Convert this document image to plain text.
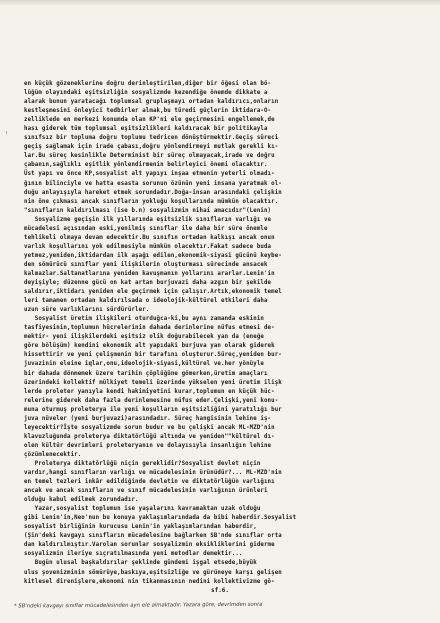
ı
en küçük gözeneklerine doğru derinleştirilen,diğer bir öğesi olan bö-
lüğüm olayındaki eşitsizliğin sosyalizmde kezendiğe önemde dikkate a
alarak bunun yaratacağı toplumsal gruplaşmayı ortadan kaldırıcı,onların
kestleşmesini önleyici tedbirler almak,bu türedi güçlerin iktidara-O-
zelliklede en merkezi konumda olan KP'ni ele geçirmesini engellemek,de
hası giderek tüm toplumsal eşitsizlikleri kaldıracak bir politikayla
sınıfsız bir topluma doğru toplumu tedricen dönüştürmektir.Geçiş süreci
geçiş sağlamak için irade çabası,doğru yönlendirmeyi mutlak gerekli kı-
lar.Bu süreç kesinlikle Determinist bir süreç olmayacak,irade ve doğru
çabanın,sağlıklı eşitlik yönlendirmenin belirleyici önemi olacaktır.
Üst yapı ve önce KP,sosyalist alt yapıyı inşaa etmenin yeterli olmadı-
ğının bilinciyle ve hatta esasta sorunun özünün yeni insana yaratmak ol-
duğu anlayışıyla hareket etmek sorundadır.Doğa-insan arasındaki çelişkin
nin öne çıkması ancak sınıfların yokluğu koşullarında mümkün olacaktır.
"sınıfların kaldırılması (ise b.n) sosyalizmin nihai amacıdır"(Lenin)
Sosyalizme geçişin ilk yıllarında eşitsizlik sınıfların varlığı ve
mücadelesi açısından eski,yenilmiş sınıflar ile daha bir süre önemle
tehlikeli olmaya devam edecektir.Bu sınıfın ortadan kalkışı ancak onun
varlık koşullarını yok edilmesiyle mümkün olacektır.Fakat sadece buda
yetmez,yeniden,iktidardan ilk aşağı edilen,ekonomik-siyasi gücünü keybe-
den sömürücü sınıflar yeni ilişkilerin oluşturması sürecinde ansacek
kalmazlar.Saltanatlarına yeniden kavuşmanın yollarını ararlar.Lenin'in
deyişiyle; düzenne gücü on kat artan burjuvazi daha azgın bir şekilde
saldırır,iktidarı yeniden ele geçirmek için çalışır.Artık,ekonomik temel
leri tamamen ortadan kaldırılsada o ideolojik-kültürel etkileri daha
uzun süre varlıklarını sürdürürler.
Sosyalist üretim ilişkileri oturduğca-ki,bu aynı zamanda eskinin
tasfiyesinin,toplumun hücrelerinin dahada derinlerine nüfus etmesi de-
mektir- yeni ilişkilerdeki eşitsiz olik doğurabilecek yan da (eneğe
göre bölüşüm) kendini ekonomik alt yapıdaki burjuva yan olarak giderek
hissettirir ve yeni çelişmenin bir tarafını oluşturur.Süreç,yeniden bur-
juvazinin eleine iqlar,onu,ideolojik-siyasi,kültürel ve.her yönüyle
bir dahada dönmemek üzere tarihin çöplüğüne gömerken,üretim amaçları
üzerindeki kollektif mülkiyet temeli üzerinde yükselen yeni üretim ilişk
lerde proleter yanıyla kendi hakimiyetini kurar,toplumun en küçük hüc-
relerine giderek daha fazla derinlemesine nüfus eder.Çelişki,yeni konu-
muna oturmuş proleterya ile yeni koşulların eşitsizliğini yaratılığı bur
juva nüveler (yeni burjuvazi)arasındadır. Süreç hangisinin lehine iş-
leyecektir?İşte sosyalizmde sorun budur ve bu çelişki ancak ML-MZD'nin
klavuzluğunda proleterya diktatörlüğü altında ve yeniden""kültürel dı-
olen kültür devrimleri proleteryanın ve dolayısıyla insanlığın lehine
çözümlenecektir.
Proleterya diktatörlüğü niçin gereklidir?Sosyalist devlet niçin
vardır,hangi sınıfların varlığı ve mücadelesinin ürünüdür?... ML-MZD'nin
en temel tezleri inkâr edildiğinde devletin ve diktatörlüğün varlığını
ancak ve ancak sınıfların ve sınıf mücadelesinin varlığının ürünleri
olduğu kabul edilmek zorundadır.
Yazar,sosyalist toplumun ise yaşalarını kavramaktan uzak olduğu
gibi Lenin'in,Neo'nun bu konuya yaklaşımlarındada da bibi haberdir.Sosyalist
sosyalist birliğinin kurucusu Lenin'in yaklaşımlarından haberdir,
(Şin'deki kavgayı sınıfların mücadelesine bağlarken SB'nde sınıflar orta
dan kaldırılmıştır.Varolan sorunlar sosyalizmin eksikliklerini giderme
sosyalizmin ileriye sıçratılmasında yeni metodlar demektir...
Bugün ulusal başkaldırılar şeklinde gündemi işgal etsede,büyük
ulus şovenizminin sömürüye,baskıya,eşitsizliğe ve gürüneye karşı gelişen
kitlesel direnişlere,ekonomi nin tikanmasının nedini kollektivizme gö-
sf.6.
* SB'ndeki kavgayı sınıflar mücadelesinden ayrı ele almaktadır. Yazara göre, devrimden sonra
